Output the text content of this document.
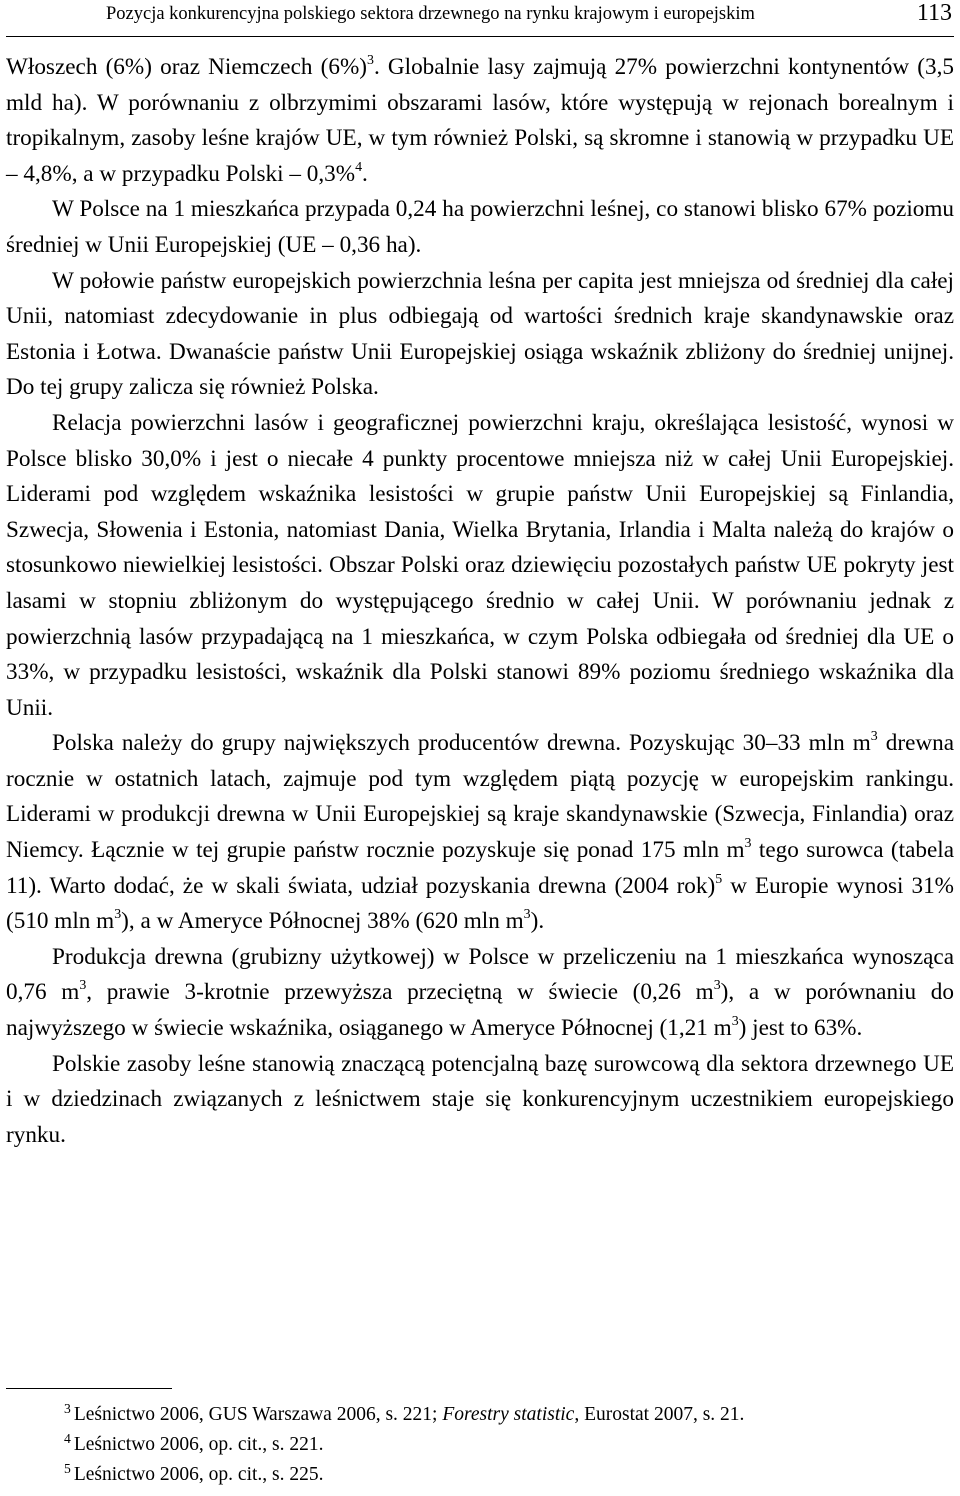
Pozycja konkurencyjna polskiego sektora drzewnego na rynku krajowym i europejskim	113

Włoszech (6%) oraz Niemczech $(6\%)^3$. Globalnie lasy zajmują 27% powierzchni kontynentów (3,5 mld ha). W porównaniu z olbrzymimi obszarami lasów, które występują w rejonach borealnym i tropikalnym, zasoby leśne krajów UE, w tym również Polski, są skromne i stanowią w przypadku UE – 4,8%, a w przypadku Polski – 0,3%$^4$.

W Polsce na 1 mieszkańca przypada 0,24 ha powierzchni leśnej, co stanowi blisko 67% poziomu średniej w Unii Europejskiej (UE – 0,36 ha).

W połowie państw europejskich powierzchnia leśna per capita jest mniejsza od średniej dla całej Unii, natomiast zdecydowanie in plus odbiegają od wartości średnich kraje skandynawskie oraz Estonia i Łotwa. Dwanaście państw Unii Europejskiej osiąga wskaźnik zbliżony do średniej unijnej. Do tej grupy zalicza się również Polska.

Relacja powierzchni lasów i geograficznej powierzchni kraju, określająca lesistość, wynosi w Polsce blisko 30,0% i jest o niecałe 4 punkty procentowe mniejsza niż w całej Unii Europejskiej. Liderami pod względem wskaźnika lesistości w grupie państw Unii Europejskiej są Finlandia, Szwecja, Słowenia i Estonia, natomiast Dania, Wielka Brytania, Irlandia i Malta należą do krajów o stosunkowo niewielkiej lesistości. Obszar Polski oraz dziewięciu pozostałych państw UE pokryty jest lasami w stopniu zbliżonym do występującego średnio w całej Unii. W porównaniu jednak z powierzchnią lasów przypadającą na 1 mieszkańca, w czym Polska odbiegała od średniej dla UE o 33%, w przypadku lesistości, wskaźnik dla Polski stanowi 89% poziomu średniego wskaźnika dla Unii.

Polska należy do grupy największych producentów drewna. Pozyskując 30–33 mln $m^3$ drewna rocznie w ostatnich latach, zajmuje pod tym względem piątą pozycję w europejskim rankingu. Liderami w produkcji drewna w Unii Europejskiej są kraje skandynawskie (Szwecja, Finlandia) oraz Niemcy. Łącznie w tej grupie państw rocznie pozyskuje się ponad 175 mln $m^3$ tego surowca (tabela 11). Warto dodać, że w skali świata, udział pozyskania drewna (2004 rok)$^5$ w Europie wynosi 31% (510 mln $m^3$), a w Ameryce Północnej 38% (620 mln $m^3$).

Produkcja drewna (grubizny użytkowej) w Polsce w przeliczeniu na 1 mieszkańca wynosząca 0,76 $m^3$, prawie 3-krotnie przewyższa przeciętną w świecie (0,26 $m^3$), a w porównaniu do najwyższego w świecie wskaźnika, osiąganego w Ameryce Północnej (1,21 $m^3$) jest to 63%.

Polskie zasoby leśne stanowią znaczącą potencjalną bazę surowcową dla sektora drzewnego UE i w dziedzinach związanych z leśnictwem staje się konkurencyjnym uczestnikiem europejskiego rynku.

$^3$ Leśnictwo 2006, GUS Warszawa 2006, s. 221; Forestry statistic, Eurostat 2007, s. 21.
$^4$ Leśnictwo 2006, op. cit., s. 221.
$^5$ Leśnictwo 2006, op. cit., s. 225.
